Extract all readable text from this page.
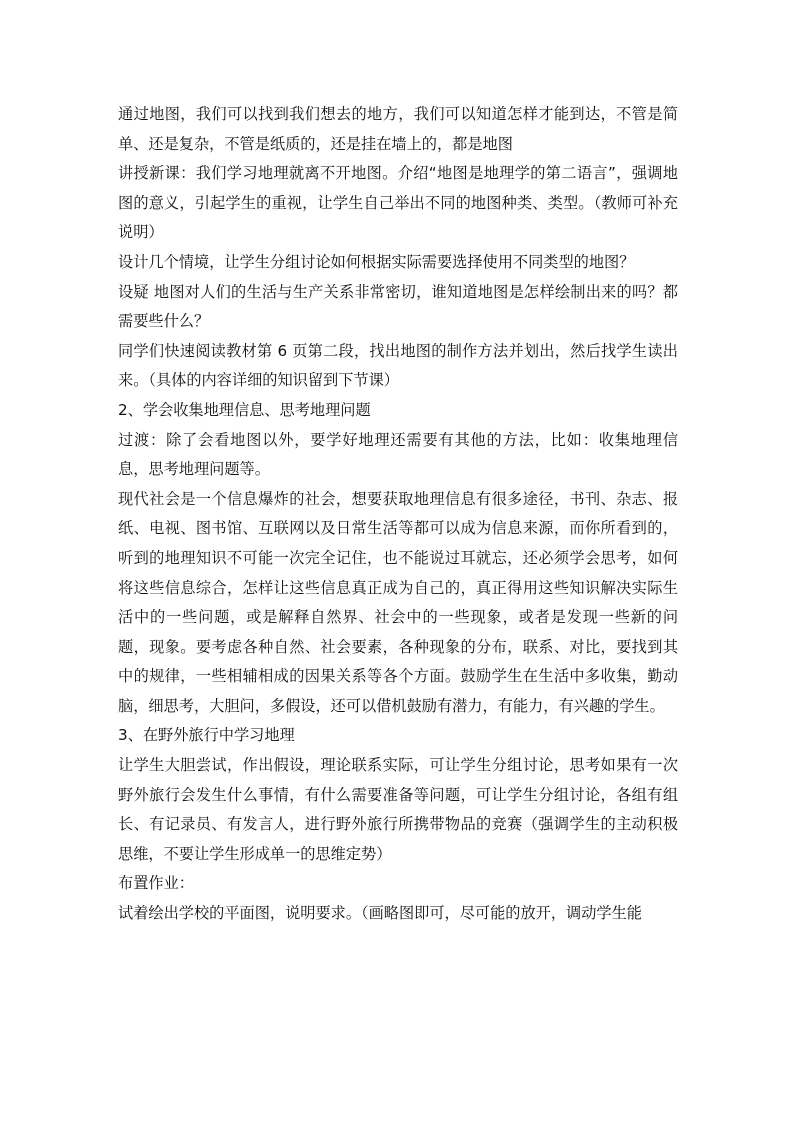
通过地图，我们可以找到我们想去的地方，我们可以知道怎样才能到达，不管是简单、还是复杂，不管是纸质的，还是挂在墙上的，都是地图

讲授新课：我们学习地理就离不开地图。介绍“地图是地理学的第二语言”，强调地图的意义，引起学生的重视，让学生自己举出不同的地图种类、类型。（教师可补充说明）

设计几个情境，让学生分组讨论如何根据实际需要选择使用不同类型的地图？

设疑 地图对人们的生活与生产关系非常密切，谁知道地图是怎样绘制出来的吗？都需要些什么？

同学们快速阅读教材第 6 页第二段，找出地图的制作方法并划出，然后找学生读出来。（具体的内容详细的知识留到下节课）

2、学会收集地理信息、思考地理问题

过渡：除了会看地图以外，要学好地理还需要有其他的方法，比如：收集地理信息，思考地理问题等。

现代社会是一个信息爆炸的社会，想要获取地理信息有很多途径，书刊、杂志、报纸、电视、图书馆、互联网以及日常生活等都可以成为信息来源，而你所看到的，听到的地理知识不可能一次完全记住，也不能说过耳就忘，还必须学会思考，如何将这些信息综合，怎样让这些信息真正成为自己的，真正得用这些知识解决实际生活中的一些问题，或是解释自然界、社会中的一些现象，或者是发现一些新的问题，现象。要考虑各种自然、社会要素，各种现象的分布，联系、对比，要找到其中的规律，一些相辅相成的因果关系等各个方面。鼓励学生在生活中多收集，勤动脑，细思考，大胆问，多假设，还可以借机鼓励有潜力，有能力，有兴趣的学生。

3、在野外旅行中学习地理

让学生大胆尝试，作出假设，理论联系实际，可让学生分组讨论，思考如果有一次野外旅行会发生什么事情，有什么需要准备等问题，可让学生分组讨论，各组有组长、有记录员、有发言人，进行野外旅行所携带物品的竞赛（强调学生的主动积极思维，不要让学生形成单一的思维定势）

布置作业：

试着绘出学校的平面图，说明要求。（画略图即可，尽可能的放开，调动学生能
